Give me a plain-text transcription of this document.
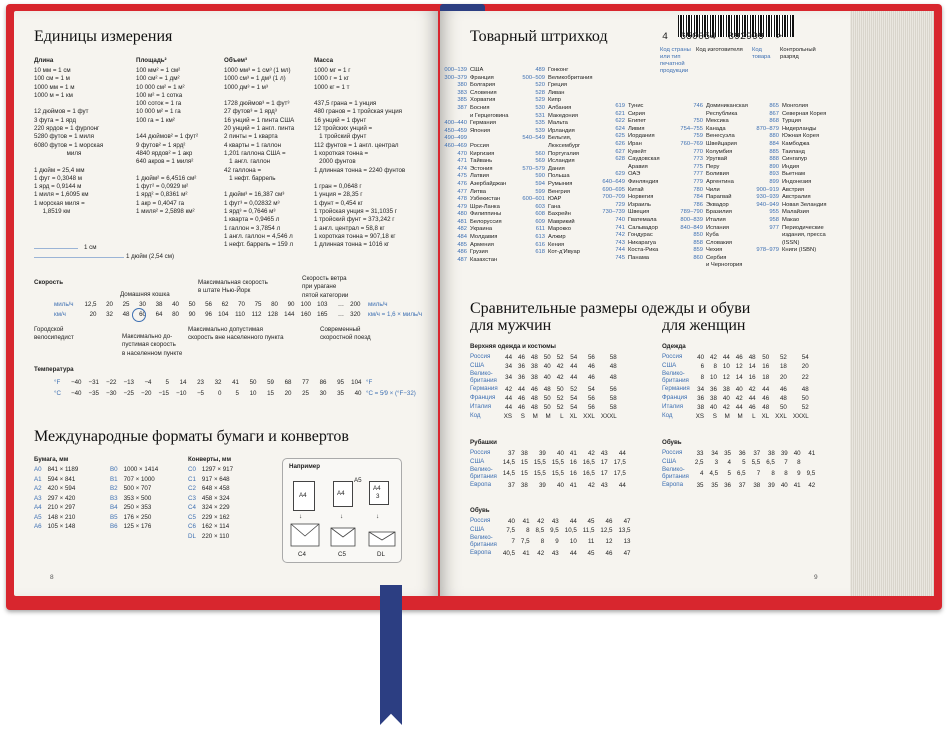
Единицы измерения
Длина
10 мм = 1 см
100 см = 1 м
1000 мм = 1 м
1000 м = 1 км

12 дюймов = 1 фут
3 фута = 1 ярд
220 ярдов = 1 фурлонг
5280 футов = 1 миля
6080 футов = 1 морская
миля

1 дюйм = 25,4 мм
1 фут = 0,3048 м
1 ярд = 0,9144 м
1 миля = 1,6095 км
1 морская миля =
1,8519 км
Площадь²
100 мм² = 1 см²
100 см² = 1 дм²
10 000 см² = 1 м²
100 м² = 1 сотка
100 соток = 1 га
10 000 м² = 1 га
100 га = 1 км²

144 дюймов² = 1 фут²
9 футов² = 1 ярд²
4840 ярдов² = 1 акр
640 акров = 1 миля²

1 дюйм² = 6,4516 см²
1 фут² = 0,0929 м²
1 ярд² = 0,8361 м²
1 акр = 0,4047 га
1 миля² = 2,5898 км²
Объем³
1000 мм³ = 1 см³ (1 мл)
1000 см³ = 1 дм³ (1 л)
1000 дм³ = 1 м³

1728 дюймов³ = 1 фут³
27 футов³ = 1 ярд³
16 унций = 1 пинта США
20 унций = 1 англ. пинта
2 пинты = 1 кварта
4 кварты = 1 галлон
1,201 галлона США =
1 англ. галлон
42 галлона =
1 нефт. баррель

1 дюйм³ = 16,387 см³
1 фут³ = 0,02832 м³
1 ярд³ = 0,7646 м³
1 кварта = 0,9465 л
1 галлон = 3,7854 л
1 англ. галлон = 4,546 л
1 нефт. баррель = 159 л
Масса
1000 мг = 1 г
1000 г = 1 кг
1000 кг = 1 т

437,5 грана = 1 унция
480 гранов = 1 тройская унция
16 унций = 1 фунт
12 тройских унций =
1 тройский фунт
112 фунтов = 1 англ. централ
1 короткая тонна =
2000 фунтов
1 длинная тонна = 2240 фунтов

1 гран = 0,0648 г
1 унция = 28,35 г
1 фунт = 0,454 кг
1 тройская унция = 31,1035 г
1 тройский фунт = 373,242 г
1 англ. централ = 58,8 кг
1 короткая тонна = 907,18 кг
1 длинная тонна = 1016 кг
1 см
1 дюйм (2,54 см)
Скорость
Домашняя кошка
Максимальная скорость
в штате Нью-Йорк
Скорость ветра
при урагане
пятой категории
миль/ч	12,5	20	25	30	38	40	50	56	62	70	75	80	90 100 103	… 200 миль/ч
км/ч	20	32	48	60	64	80	90	96 104	110	112 128 144 160 165	… 320 км/ч = 1,6 × миль/ч
Городской
велосипедист	Максимально до-
пустимая скорость
в населенном пункте
Максимально допустимая
скорость вне населенного пункта
Современный
скоростной поезд
Температура
°F	−40	−31	−22	−13	−4	5	14	23	32	41	50	59	68	77	86	95	104 °F
°C	−40	−35	−30	−25	−20	−15	−10	−5	0	5	10	15	20	25	30	35	40 °C = 5⁄9 × (°F−32)
Международные форматы бумаги и конвертов
Бумага, мм
A0	841 × 1189
A1	594 × 841
A2	420 × 594
A3	297 × 420
A4	210 × 297
A5	148 × 210
A6	105 × 148
B0	1000 × 1414
B1	707 × 1000
B2	500 × 707
B3	353 × 500
B4	250 × 353
B5	176 × 250
B6	125 × 176
Конверты, мм
C0	1297 × 917
C1	917 × 648
C2	648 × 458
C3	458 × 324
C4	324 × 229
C5	229 × 162
C6	162 × 114
DL	220 × 110
Например
A4	A4
A5
A4
3
↓	↓	↓
C4	C5	DL
8
Товарный штрихкод	4  650054  892999  >
Код страны
или тип
печатной
продукции
Код изготовителя Код
товара
Контрольный
разряд
000–139	США
300–379	Франция
380	Болгария
383	Словения
385	Хорватия
387	Босния
и Герцеговина
400–440	Германия
450–459	Япония
490–499	
460–469	Россия
470	Киргизия
471	Тайвань
474	Эстония
475	Латвия
476	Азербайджан
477	Литва
478	Узбекистан
479	Шри-Ланка
480	Филиппины
481	Белоруссия
482	Украина
484	Молдавия
485	Армения
486	Грузия
487	Казахстан
489	Гонконг
500–509	Великобритания
520	Греция
528	Ливан
529	Кипр
530	Албания
531	Македония
535	Мальта
539	Ирландия
540–549	Бельгия,
Люксембург
560	Португалия
569	Исландия
570–579	Дания
590	Польша
594	Румыния
599	Венгрия
600–601	ЮАР
603	Гана
608	Бахрейн
609	Маврикий
611	Марокко
613	Алжир
616	Кения
618	Кот-д'Ивуар
619	Тунис
621	Сирия
622	Египет
624	Ливия
625	Иордания
626	Иран
627	Кувейт
628	Саудовская
Аравия
629	ОАЭ
640–649	Финляндия
690–695	Китай
700–709	Норвегия
729	Израиль
730–739	Швеция
740	Гватемала
741	Сальвадор
742	Гондурас
743	Никарагуа
744	Коста-Рика
745	Панама
746	Доминиканская
Республика
750	Мексика
754–755	Канада
759	Венесуэла
760–769	Швейцария
770	Колумбия
773	Уругвай
775	Перу
777	Боливия
779	Аргентина
780	Чили
784	Парагвай
786	Эквадор
789–790	Бразилия
800–839	Италия
840–849	Испания
850	Куба
858	Словакия
859	Чехия
860	Сербия
и Черногория
865	Монголия
867	Северная Корея
868	Турция
870–879	Нидерланды
880	Южная Корея
884	Камбоджа
885	Таиланд
888	Сингапур
890	Индия
893	Вьетнам
899	Индонезия
900–919	Австрия
930–939	Австралия
940–949	Новая Зеландия
955	Малайзия
958	Макао

977	Периодические
издания, пресса
(ISSN)
978–979	Книги (ISBN)
Сравнительные размеры одежды и обуви
для мужчин	для женщин
Верхняя одежда и костюмы
Россия	44	46	48	50	52	54	56	58
США	34	36	38	40	42	44	46	48
Велико-
британия	34	36	38	40	42	44	46	48
Германия	42	44	46	48	50	52	54	56
Франция	44	46	48	50	52	54	56	58
Италия	44	46	48	50	52	54	56	58
Код	XS	S	M	M	L	XL	XXL	XXXL
Рубашки
Россия	37	38	39	40	41	42	43	44
США	14,5	15	15,5	15,5	16	16,5	17	17,5
Велико-
британия	14,5	15	15,5	15,5	16	16,5	17	17,5
Европа	37	38	39	40	41	42	43	44
Обувь
Россия	40	41	42	43	44	45	46	47
США	7,5	8	8,5	9,5	10,5	11,5	12,5	13,5
Велико-
британия	7	7,5	8	9	10	11	12	13
Европа	40,5	41	42	43	44	45	46	47
Одежда
Россия	40	42	44	46	48	50	52	54
США	6	8	10	12	14	16	18	20
Велико-
британия	8	10	12	14	16	18	20	22
Германия	34	36	38	40	42	44	46	48
Франция	36	38	40	42	44	46	48	50
Италия	38	40	42	44	46	48	50	52
Код	XS	S	M	M	L	XL	XXL	XXXL
Обувь
Россия	33	34	35	36	37	38	39	40	41
США	2,5	3	4	5	5,5	6,5	7	8	
Велико-
британия	4	4,5	5	6,5	7	8	8	9	9,5
Европа	35	35	36	37	38	39	40	41	42
9
